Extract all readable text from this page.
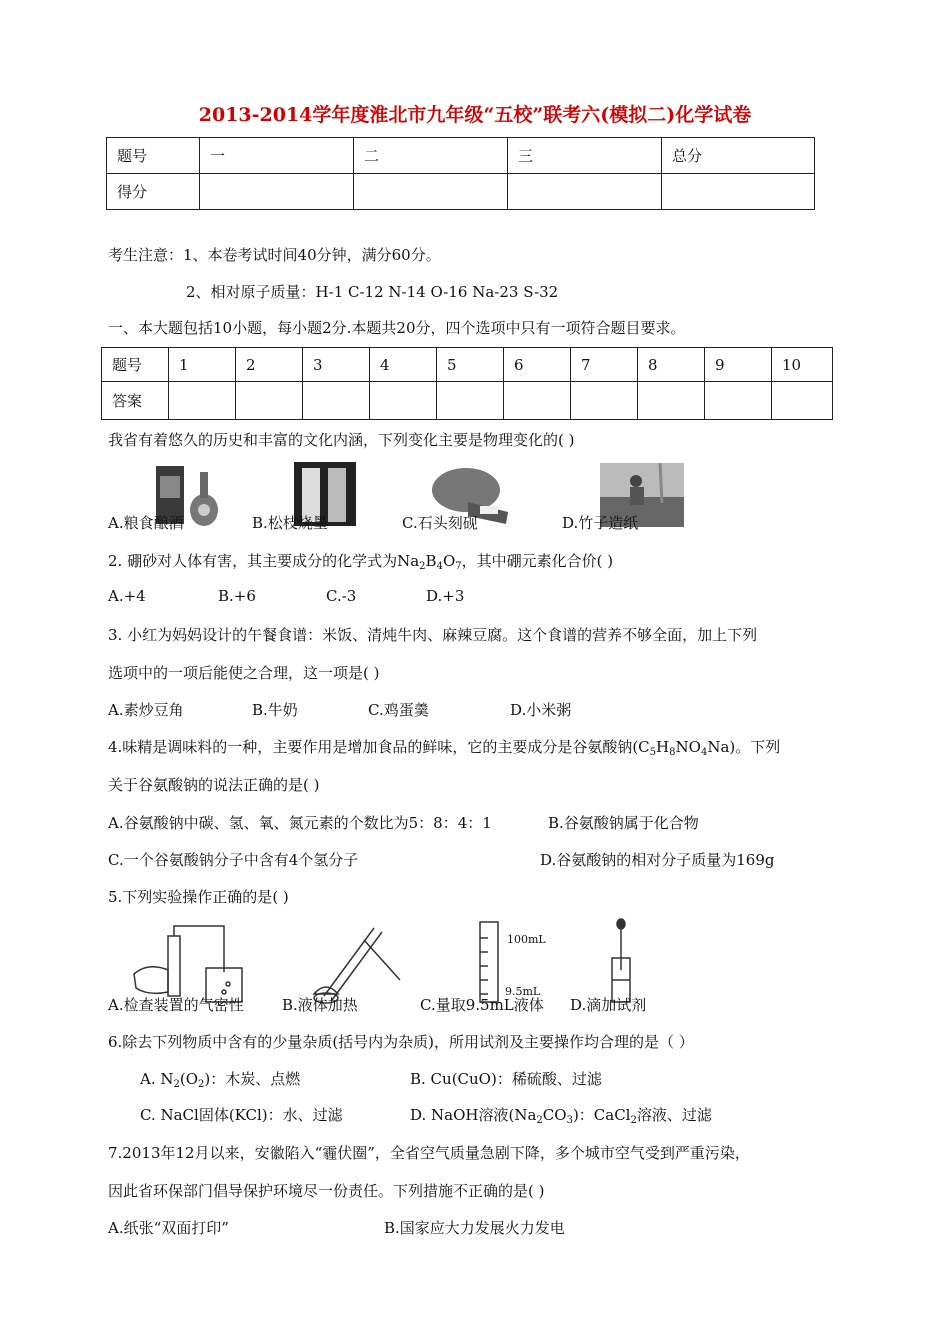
2013-2014学年度淮北市九年级“五校”联考六(模拟二)化学试卷
题号	一	二	三	总分
得分				
考生注意：1、本卷考试时间40分钟，满分60分。
2、相对原子质量：H-1 C-12 N-14 O-16 Na-23 S-32
一、本大题包括10小题，每小题2分.本题共20分，四个选项中只有一项符合题目要求。
题号	1	2	3	4	5	6	7	8	9	10
答案										
我省有着悠久的历史和丰富的文化内涵，下列变化主要是物理变化的( )
A.粮食酿酒	B.松枝烧墨	C.石头刻砚	D.竹子造纸
2. 硼砂对人体有害，其主要成分的化学式为$Na_2B_4O_7$，其中硼元素化合价( )
A.+4	B.+6	C.-3	D.+3
3. 小红为妈妈设计的午餐食谱：米饭、清炖牛肉、麻辣豆腐。这个食谱的营养不够全面，加上下列
选项中的一项后能使之合理，这一项是( )
A.素炒豆角	B.牛奶	C.鸡蛋羹	D.小米粥
4.味精是调味料的一种，主要作用是增加食品的鲜味，它的主要成分是谷氨酸钠$(C_5H_8NO_4Na)$。下列
关于谷氨酸钠的说法正确的是( )
A.谷氨酸钠中碳、氢、氧、氮元素的个数比为5：8：4：1	B.谷氨酸钠属于化合物
C.一个谷氨酸钠分子中含有4个氢分子	D.谷氨酸钠的相对分子质量为169g
5.下列实验操作正确的是( )
100mL
9.5mL
A.检查装置的气密性	B.液体加热	C.量取9.5mL液体 D.滴加试剂
6.除去下列物质中含有的少量杂质(括号内为杂质)，所用试剂及主要操作均合理的是（ ）
A. $N_2(O_2)$：木炭、点燃	B. Cu(CuO)：稀硫酸、过滤
C. NaCl固体(KCl)：水、过滤	D. NaOH溶液$(Na_2CO_3)$：CaCl$_2$溶液、过滤
7.2013年12月以来，安徽陷入“霾伏圈”，全省空气质量急剧下降，多个城市空气受到严重污染，
因此省环保部门倡导保护环境尽一份责任。下列措施不正确的是( )
A.纸张“双面打印”	B.国家应大力发展火力发电
